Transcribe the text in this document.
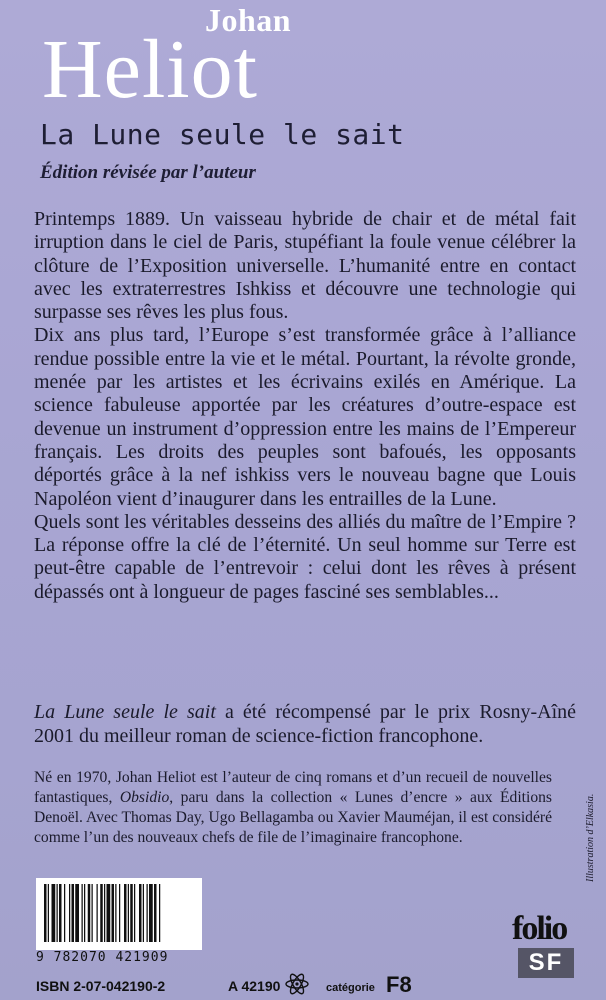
Johan
Heliot
La Lune seule le sait
Édition révisée par l’auteur

Printemps 1889. Un vaisseau hybride de chair et de métal fait irruption dans le ciel de Paris, stupéfiant la foule venue célébrer la clôture de l’Exposition universelle. L’humanité entre en contact avec les extraterrestres Ishkiss et découvre une technologie qui surpasse ses rêves les plus fous.

Dix ans plus tard, l’Europe s’est transformée grâce à l’alliance rendue possible entre la vie et le métal. Pourtant, la révolte gronde, menée par les artistes et les écrivains exilés en Amérique. La science fabuleuse apportée par les créatures d’outre-espace est devenue un instrument d’oppression entre les mains de l’Empereur français. Les droits des peuples sont bafoués, les opposants déportés grâce à la nef ishkiss vers le nouveau bagne que Louis Napoléon vient d’inaugurer dans les entrailles de la Lune.

Quels sont les véritables desseins des alliés du maître de l’Empire ? La réponse offre la clé de l’éternité. Un seul homme sur Terre est peut-être capable de l’entrevoir : celui dont les rêves à présent dépassés ont à longueur de pages fasciné ses semblables...

La Lune seule le sait a été récompensé par le prix Rosny-Aîné 2001 du meilleur roman de science-fiction francophone.

Né en 1970, Johan Heliot est l’auteur de cinq romans et d’un recueil de nouvelles fantastiques, Obsidio, paru dans la collection « Lunes d’encre » aux Éditions Denoël. Avec Thomas Day, Ugo Bellagamba ou Xavier Mauméjan, il est considéré comme l’un des nouveaux chefs de file de l’imaginaire francophone.	Illustration d’Elkasia.
9 782070 421909
ISBN 2-07-042190-2	A 42190	catégorie F8
folio
SF
